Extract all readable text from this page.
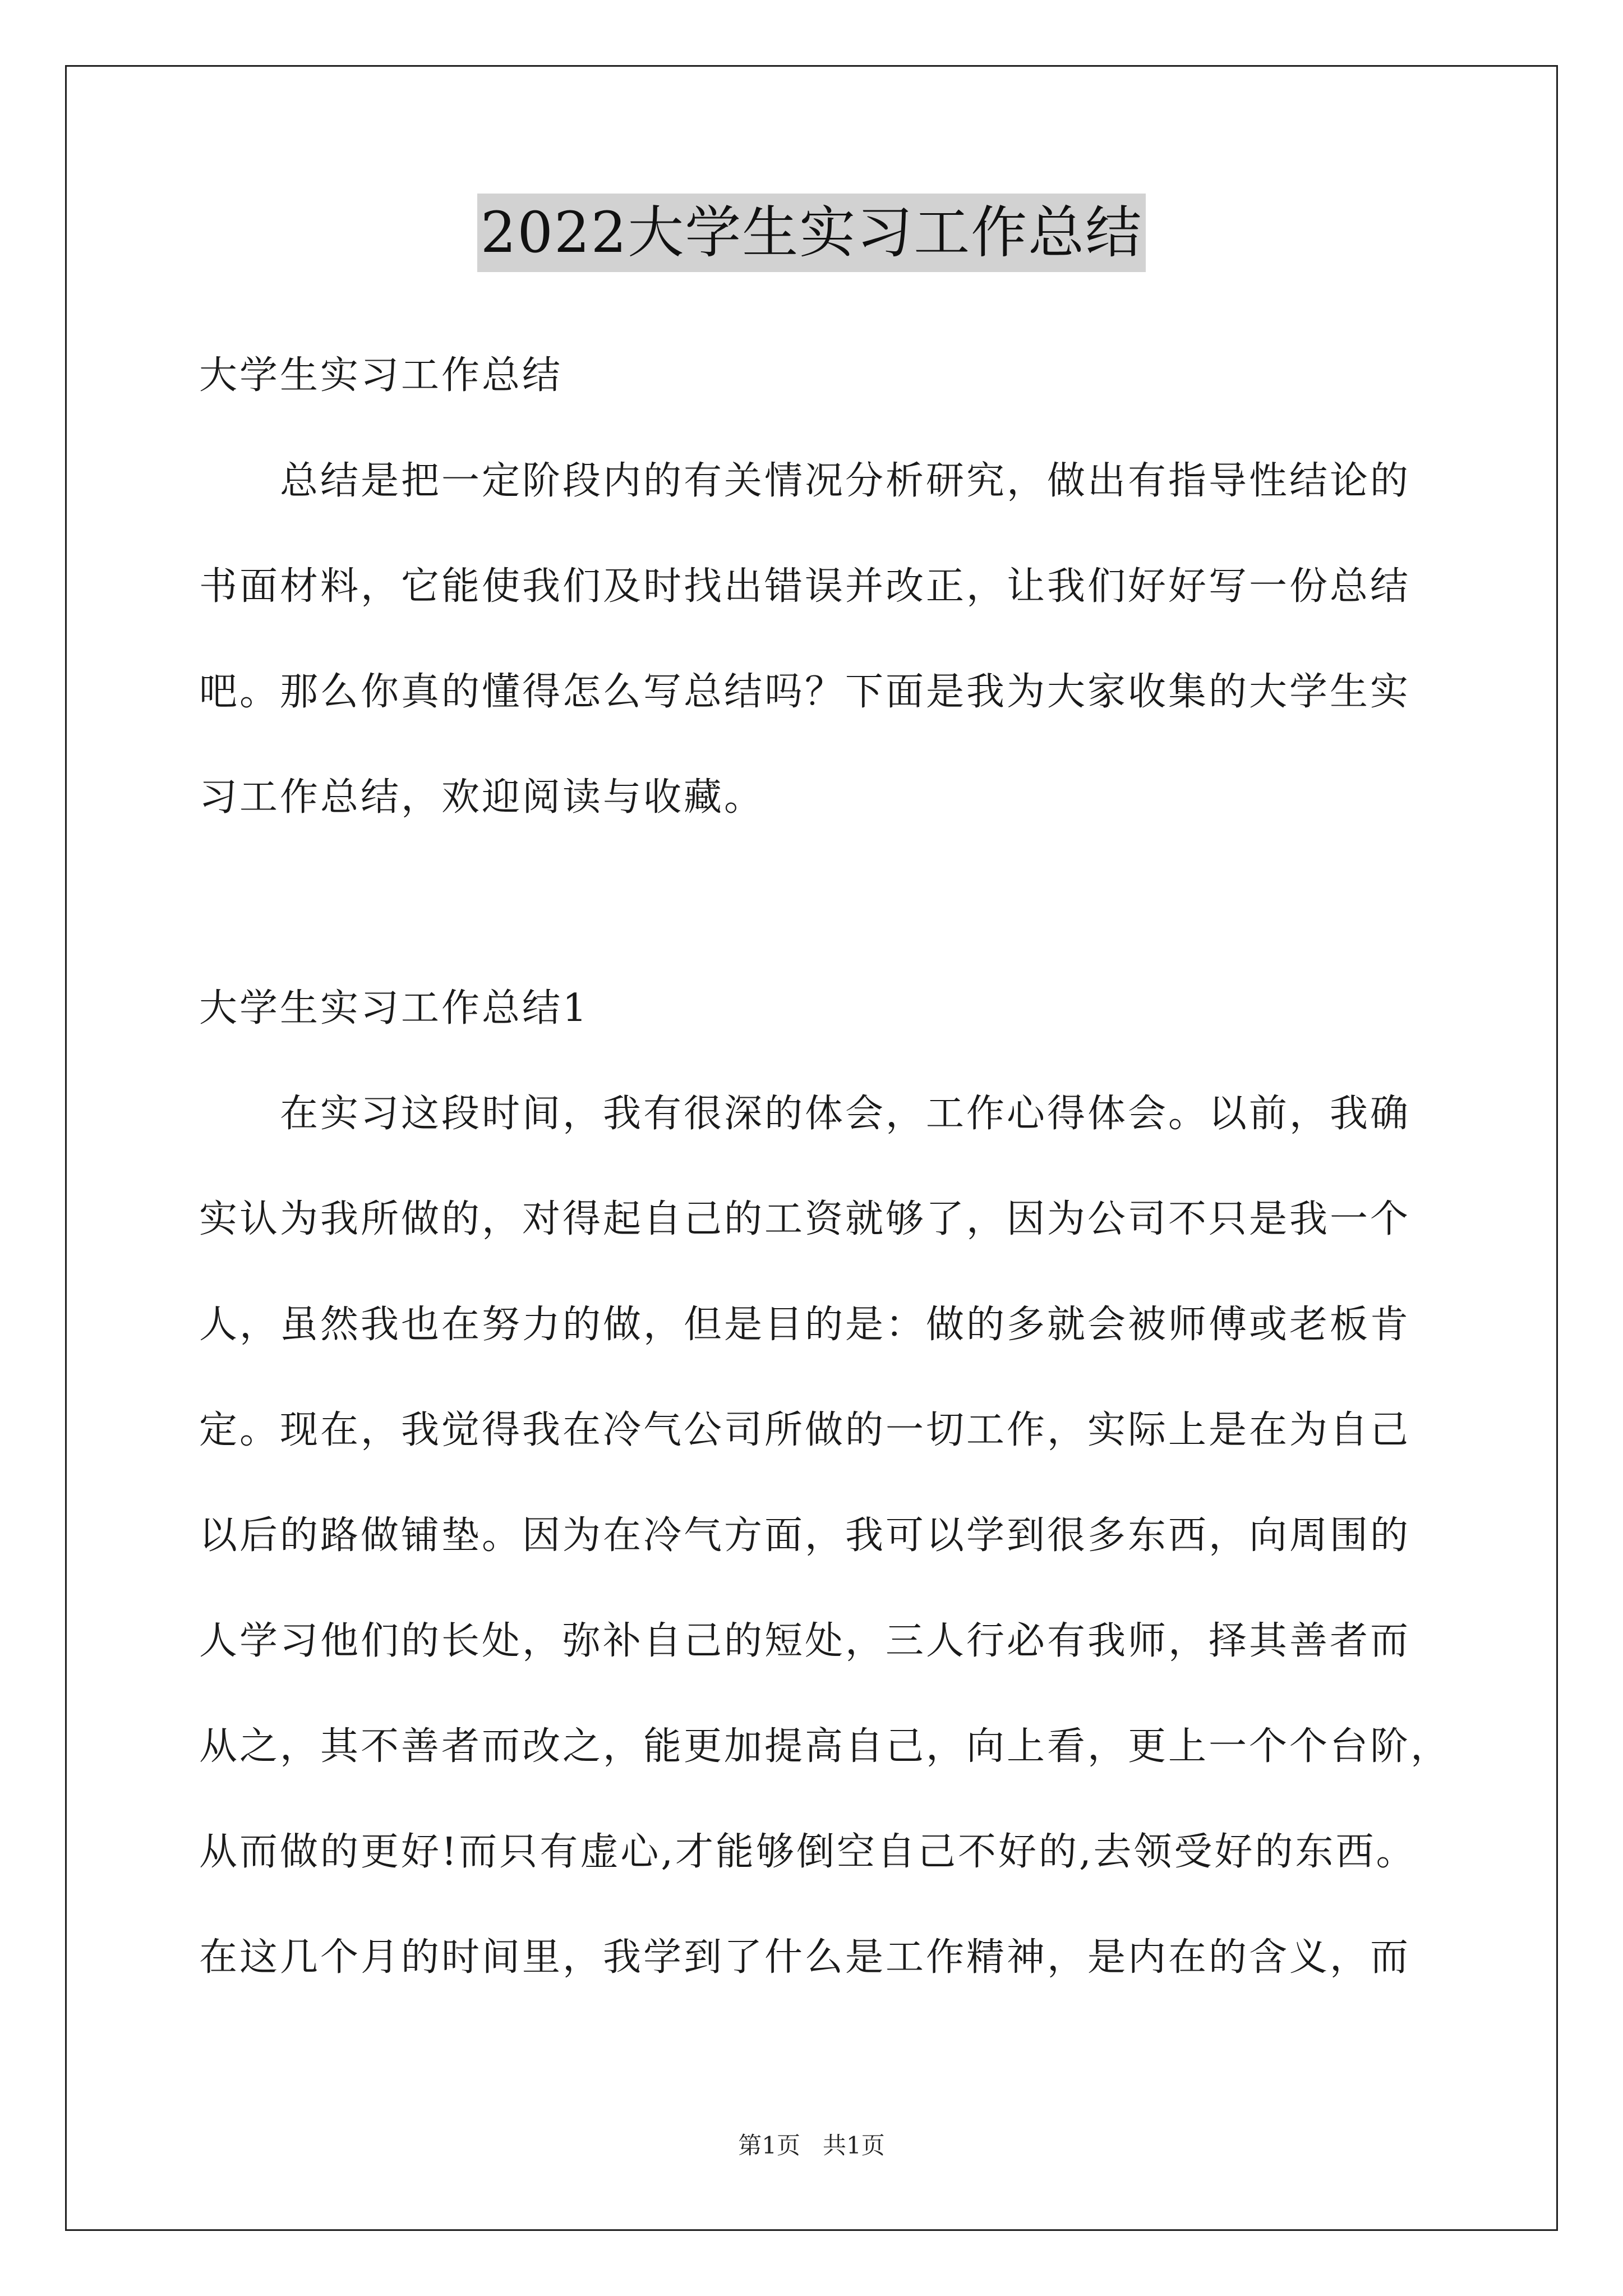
2022大学生实习工作总结
大学生实习工作总结
　　总结是把一定阶段内的有关情况分析研究，做出有指导性结论的
书面材料，它能使我们及时找出错误并改正，让我们好好写一份总结
吧。那么你真的懂得怎么写总结吗？下面是我为大家收集的大学生实
习工作总结，欢迎阅读与收藏。
大学生实习工作总结1
　　在实习这段时间，我有很深的体会，工作心得体会。以前，我确
实认为我所做的，对得起自己的工资就够了，因为公司不只是我一个
人，虽然我也在努力的做，但是目的是：做的多就会被师傅或老板肯
定。现在，我觉得我在冷气公司所做的一切工作，实际上是在为自己
以后的路做铺垫。因为在冷气方面，我可以学到很多东西，向周围的
人学习他们的长处，弥补自己的短处，三人行必有我师，择其善者而
从之，其不善者而改之，能更加提高自己，向上看，更上一个个台阶，
从而做的更好!而只有虚心,才能够倒空自己不好的,去领受好的东西。
在这几个月的时间里，我学到了什么是工作精神，是内在的含义，而
第1页 共1页
